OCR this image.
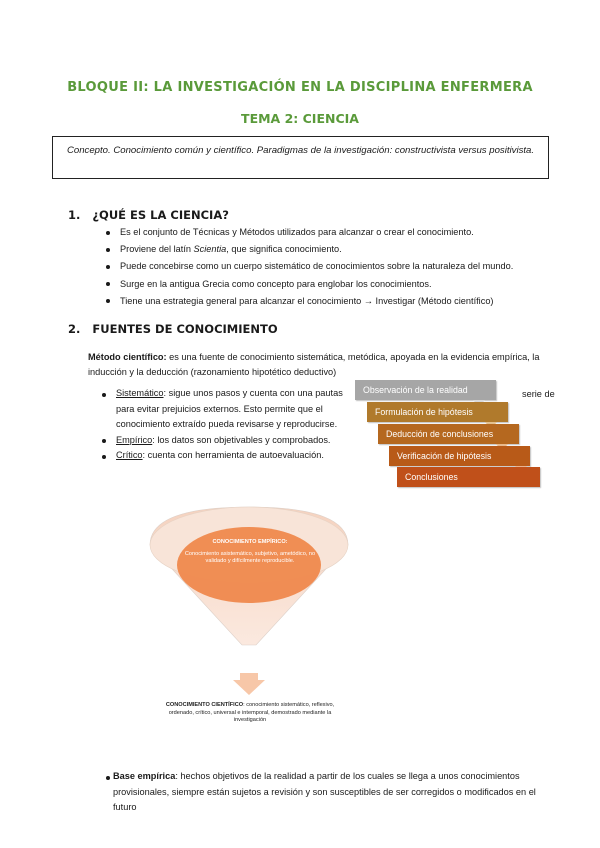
BLOQUE II: LA INVESTIGACIÓN EN LA DISCIPLINA ENFERMERA
TEMA 2: CIENCIA
Concepto. Conocimiento común y científico. Paradigmas de la investigación: constructivista versus positivista.
1. ¿QUÉ ES LA CIENCIA?
Es el conjunto de Técnicas y Métodos utilizados para alcanzar o crear el conocimiento.
Proviene del latín Scientia, que significa conocimiento.
Puede concebirse como un cuerpo sistemático de conocimientos sobre la naturaleza del mundo.
Surge en la antigua Grecia como concepto para englobar los conocimientos.
Tiene una estrategia general para alcanzar el conocimiento → Investigar (Método científico)
2. FUENTES DE CONOCIMIENTO
Método científico: es una fuente de conocimiento sistemática, metódica, apoyada en la evidencia empírica, la inducción y la deducción (razonamiento hipotético deductivo)
Sistemático: sigue unos pasos y cuenta con una pautas para evitar prejuicios externos. Esto permite que el conocimiento extraído pueda revisarse y reproducirse.
Empírico: los datos son objetivables y comprobados.
Crítico: cuenta con herramienta de autoevaluación.
serie de
Observación de la realidad
Formulación de hipótesis
Deducción de conclusiones
Verificación de hipótesis
Conclusiones
CONOCIMIENTO EMPÍRICO:
Conocimiento asistemático, subjetivo, ametódico, no validado y difícilmente reproducible.
CONOCIMIENTO CIENTÍFICO: conocimiento sistemático, reflexivo, ordenado, crítico, universal e intemporal, demostrado mediante la investigación
Base empírica: hechos objetivos de la realidad a partir de los cuales se llega a unos conocimientos provisionales, siempre están sujetos a revisión y son susceptibles de ser corregidos o modificados en el futuro
